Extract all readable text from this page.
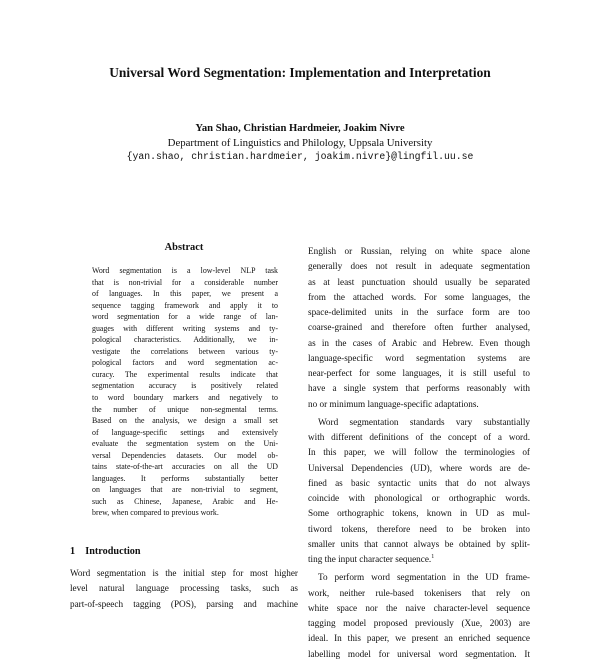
Universal Word Segmentation: Implementation and Interpretation
Yan Shao, Christian Hardmeier, Joakim Nivre
Department of Linguistics and Philology, Uppsala University
{yan.shao, christian.hardmeier, joakim.nivre}@lingfil.uu.se
Abstract
Word segmentation is a low-level NLP task
that is non-trivial for a considerable number
of languages. In this paper, we present a
sequence tagging framework and apply it to
word segmentation for a wide range of lan-
guages with different writing systems and ty-
pological characteristics. Additionally, we in-
vestigate the correlations between various ty-
pological factors and word segmentation ac-
curacy. The experimental results indicate that
segmentation accuracy is positively related
to word boundary markers and negatively to
the number of unique non-segmental terms.
Based on the analysis, we design a small set
of language-specific settings and extensively
evaluate the segmentation system on the Uni-
versal Dependencies datasets. Our model ob-
tains state-of-the-art accuracies on all the UD
languages. It performs substantially better
on languages that are non-trivial to segment,
such as Chinese, Japanese, Arabic and He-
brew, when compared to previous work.
1 Introduction
Word segmentation is the initial step for most higher
level natural language processing tasks, such as
part-of-speech tagging (POS), parsing and machine
English or Russian, relying on white space alone
generally does not result in adequate segmentation
as at least punctuation should usually be separated
from the attached words. For some languages, the
space-delimited units in the surface form are too
coarse-grained and therefore often further analysed,
as in the cases of Arabic and Hebrew. Even though
language-specific word segmentation systems are
near-perfect for some languages, it is still useful to
have a single system that performs reasonably with
no or minimum language-specific adaptations.
Word segmentation standards vary substantially
with different definitions of the concept of a word.
In this paper, we will follow the terminologies of
Universal Dependencies (UD), where words are de-
fined as basic syntactic units that do not always
coincide with phonological or orthographic words.
Some orthographic tokens, known in UD as mul-
tiword tokens, therefore need to be broken into
smaller units that cannot always be obtained by split-
ting the input character sequence.$^1$
To perform word segmentation in the UD frame-
work, neither rule-based tokenisers that rely on
white space nor the naive character-level sequence
tagging model proposed previously (Xue, 2003) are
ideal. In this paper, we present an enriched sequence
labelling model for universal word segmentation. It
